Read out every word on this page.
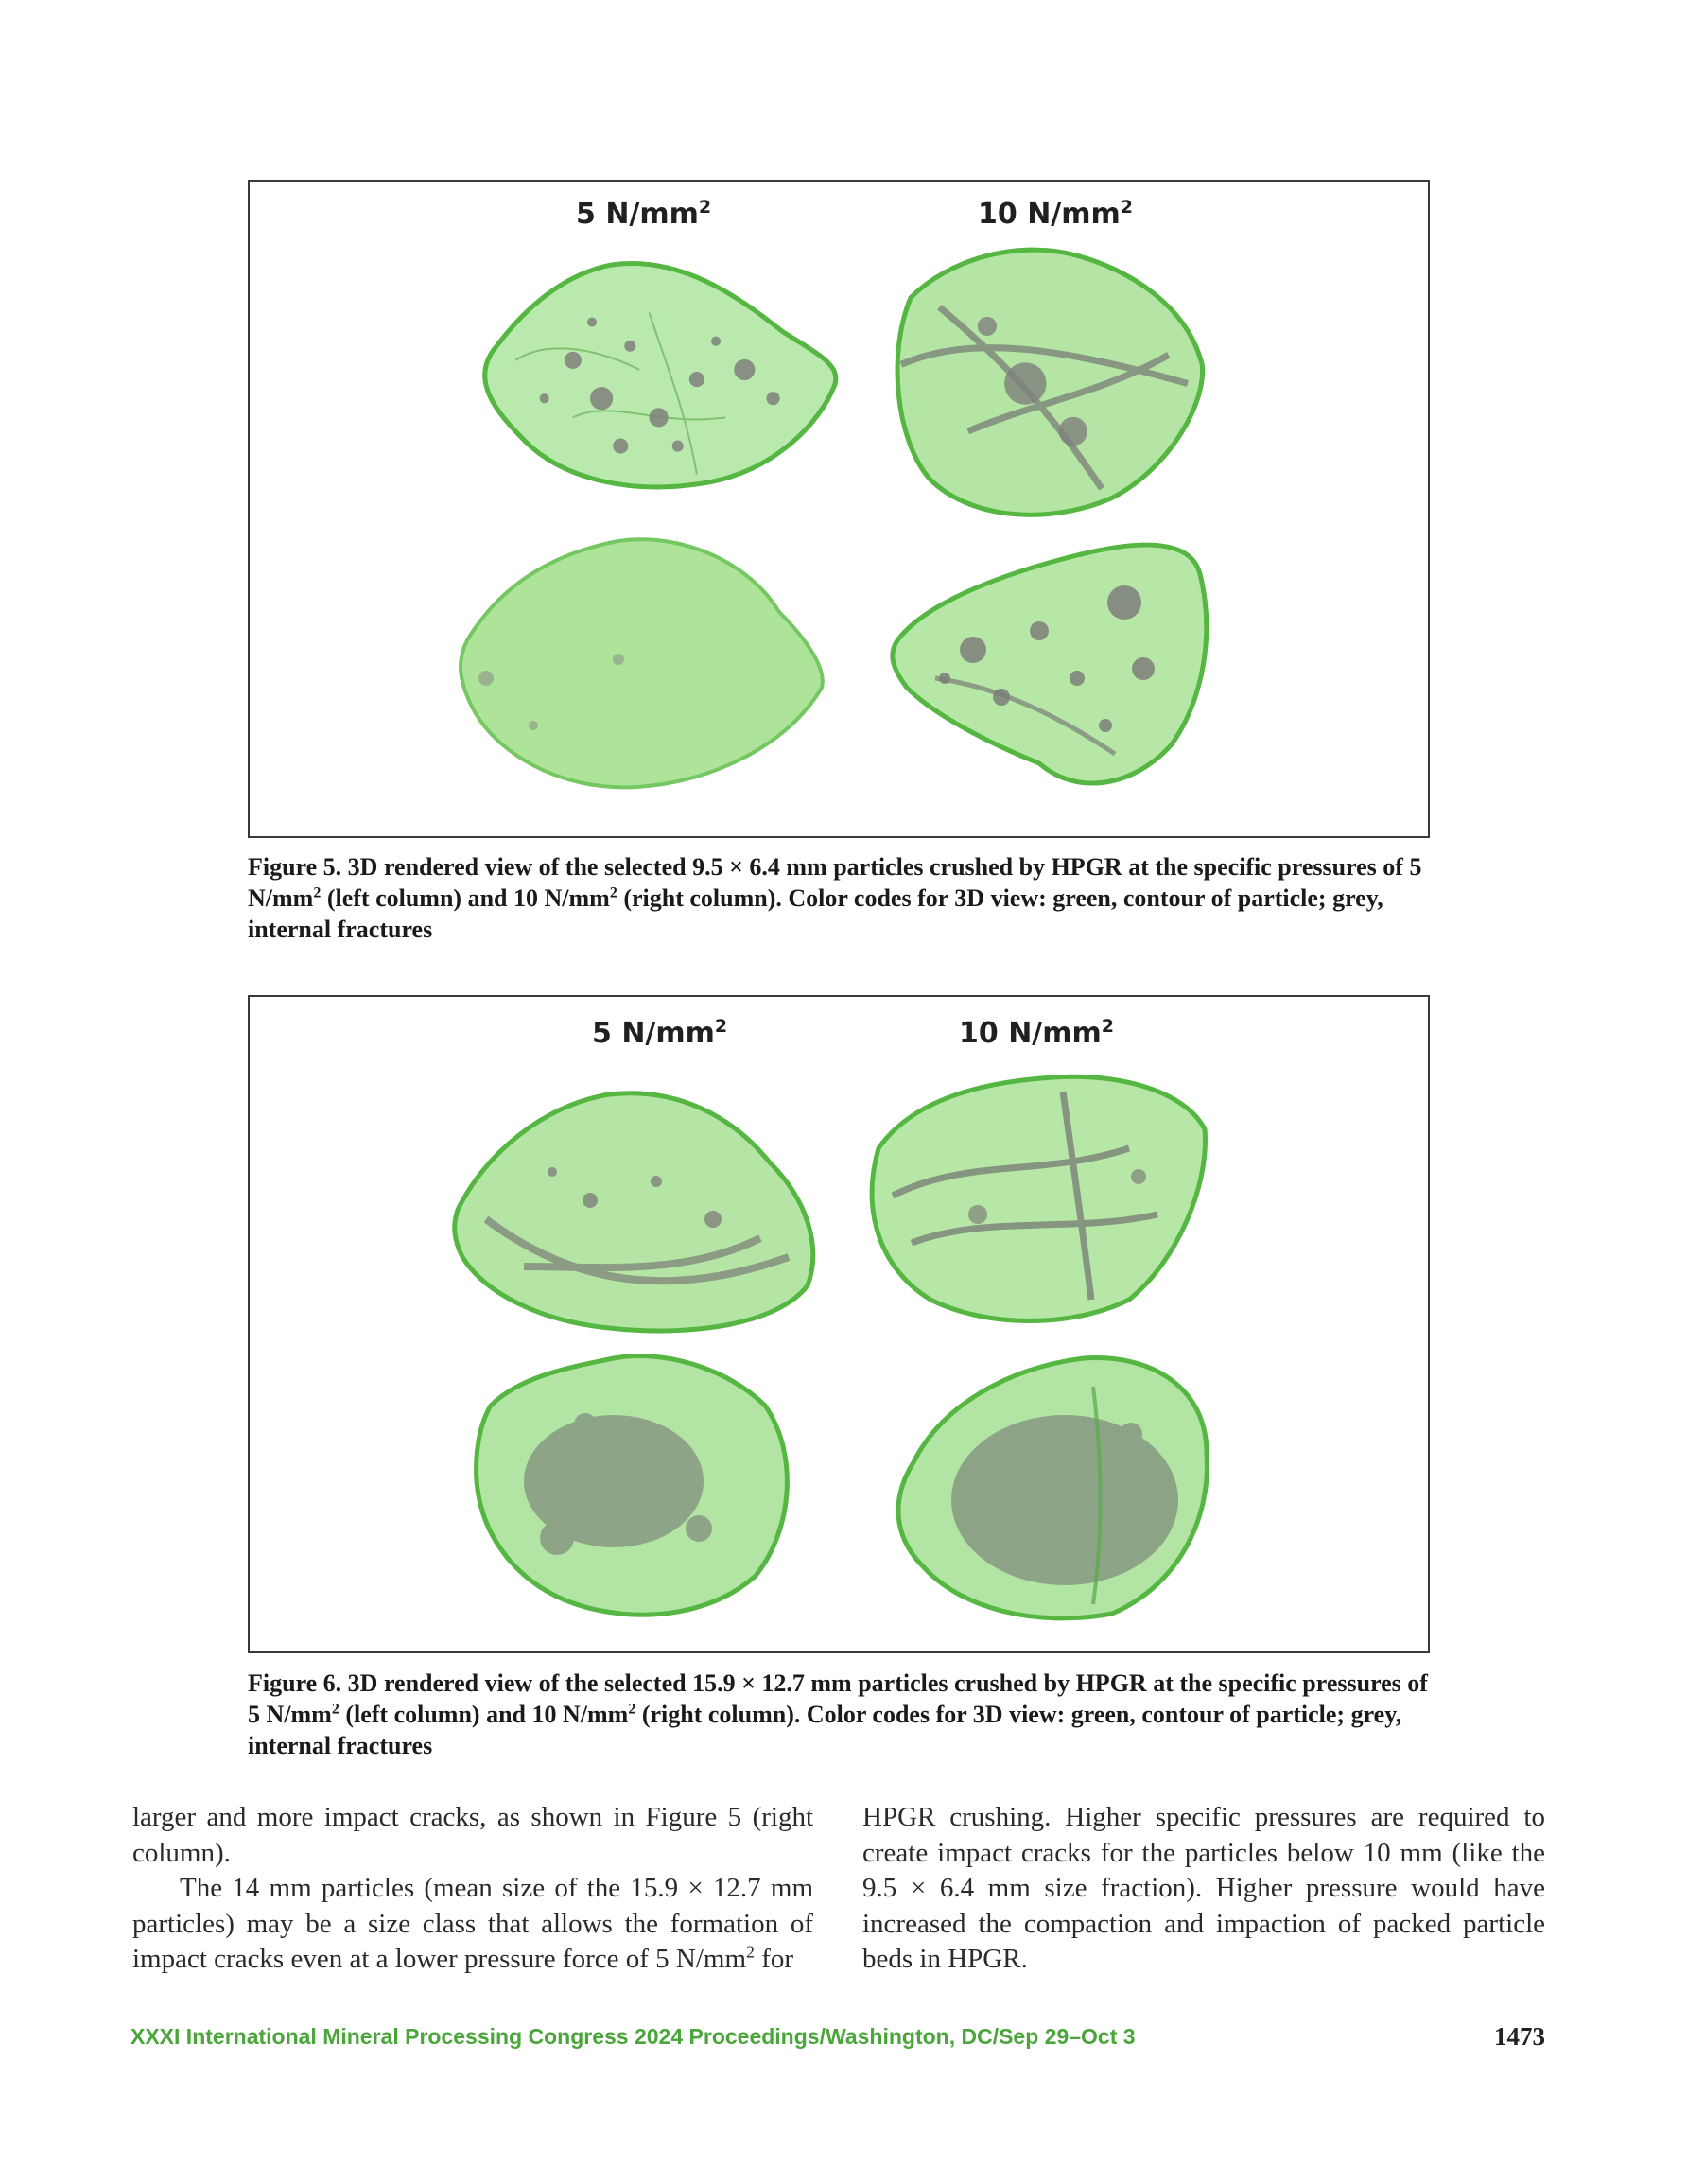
5 $N/mm^2$	10 $N/mm^2$
Figure 5. 3D rendered view of the selected 9.5 × 6.4 mm particles crushed by HPGR at the specific pressures of 5 $N/mm^2$ (left column) and 10 $N/mm^2$ (right column). Color codes for 3D view: green, contour of particle; grey, internal fractures
5 $N/mm^2$	10 $N/mm^2$
Figure 6. 3D rendered view of the selected 15.9 × 12.7 mm particles crushed by HPGR at the specific pressures of 5 $N/mm^2$ (left column) and 10 $N/mm^2$ (right column). Color codes for 3D view: green, contour of particle; grey, internal fractures

larger and more impact cracks, as shown in Figure 5 (right column).

The 14 mm particles (mean size of the 15.9 × 12.7 mm particles) may be a size class that allows the formation of impact cracks even at a lower pressure force of 5 $N/mm^2$ for

HPGR crushing. Higher specific pressures are required to create impact cracks for the particles below 10 mm (like the 9.5 × 6.4 mm size fraction). Higher pressure would have increased the compaction and impaction of packed particle beds in HPGR.

XXXI International Mineral Processing Congress 2024 Proceedings/Washington, DC/Sep 29–Oct 3	1473
